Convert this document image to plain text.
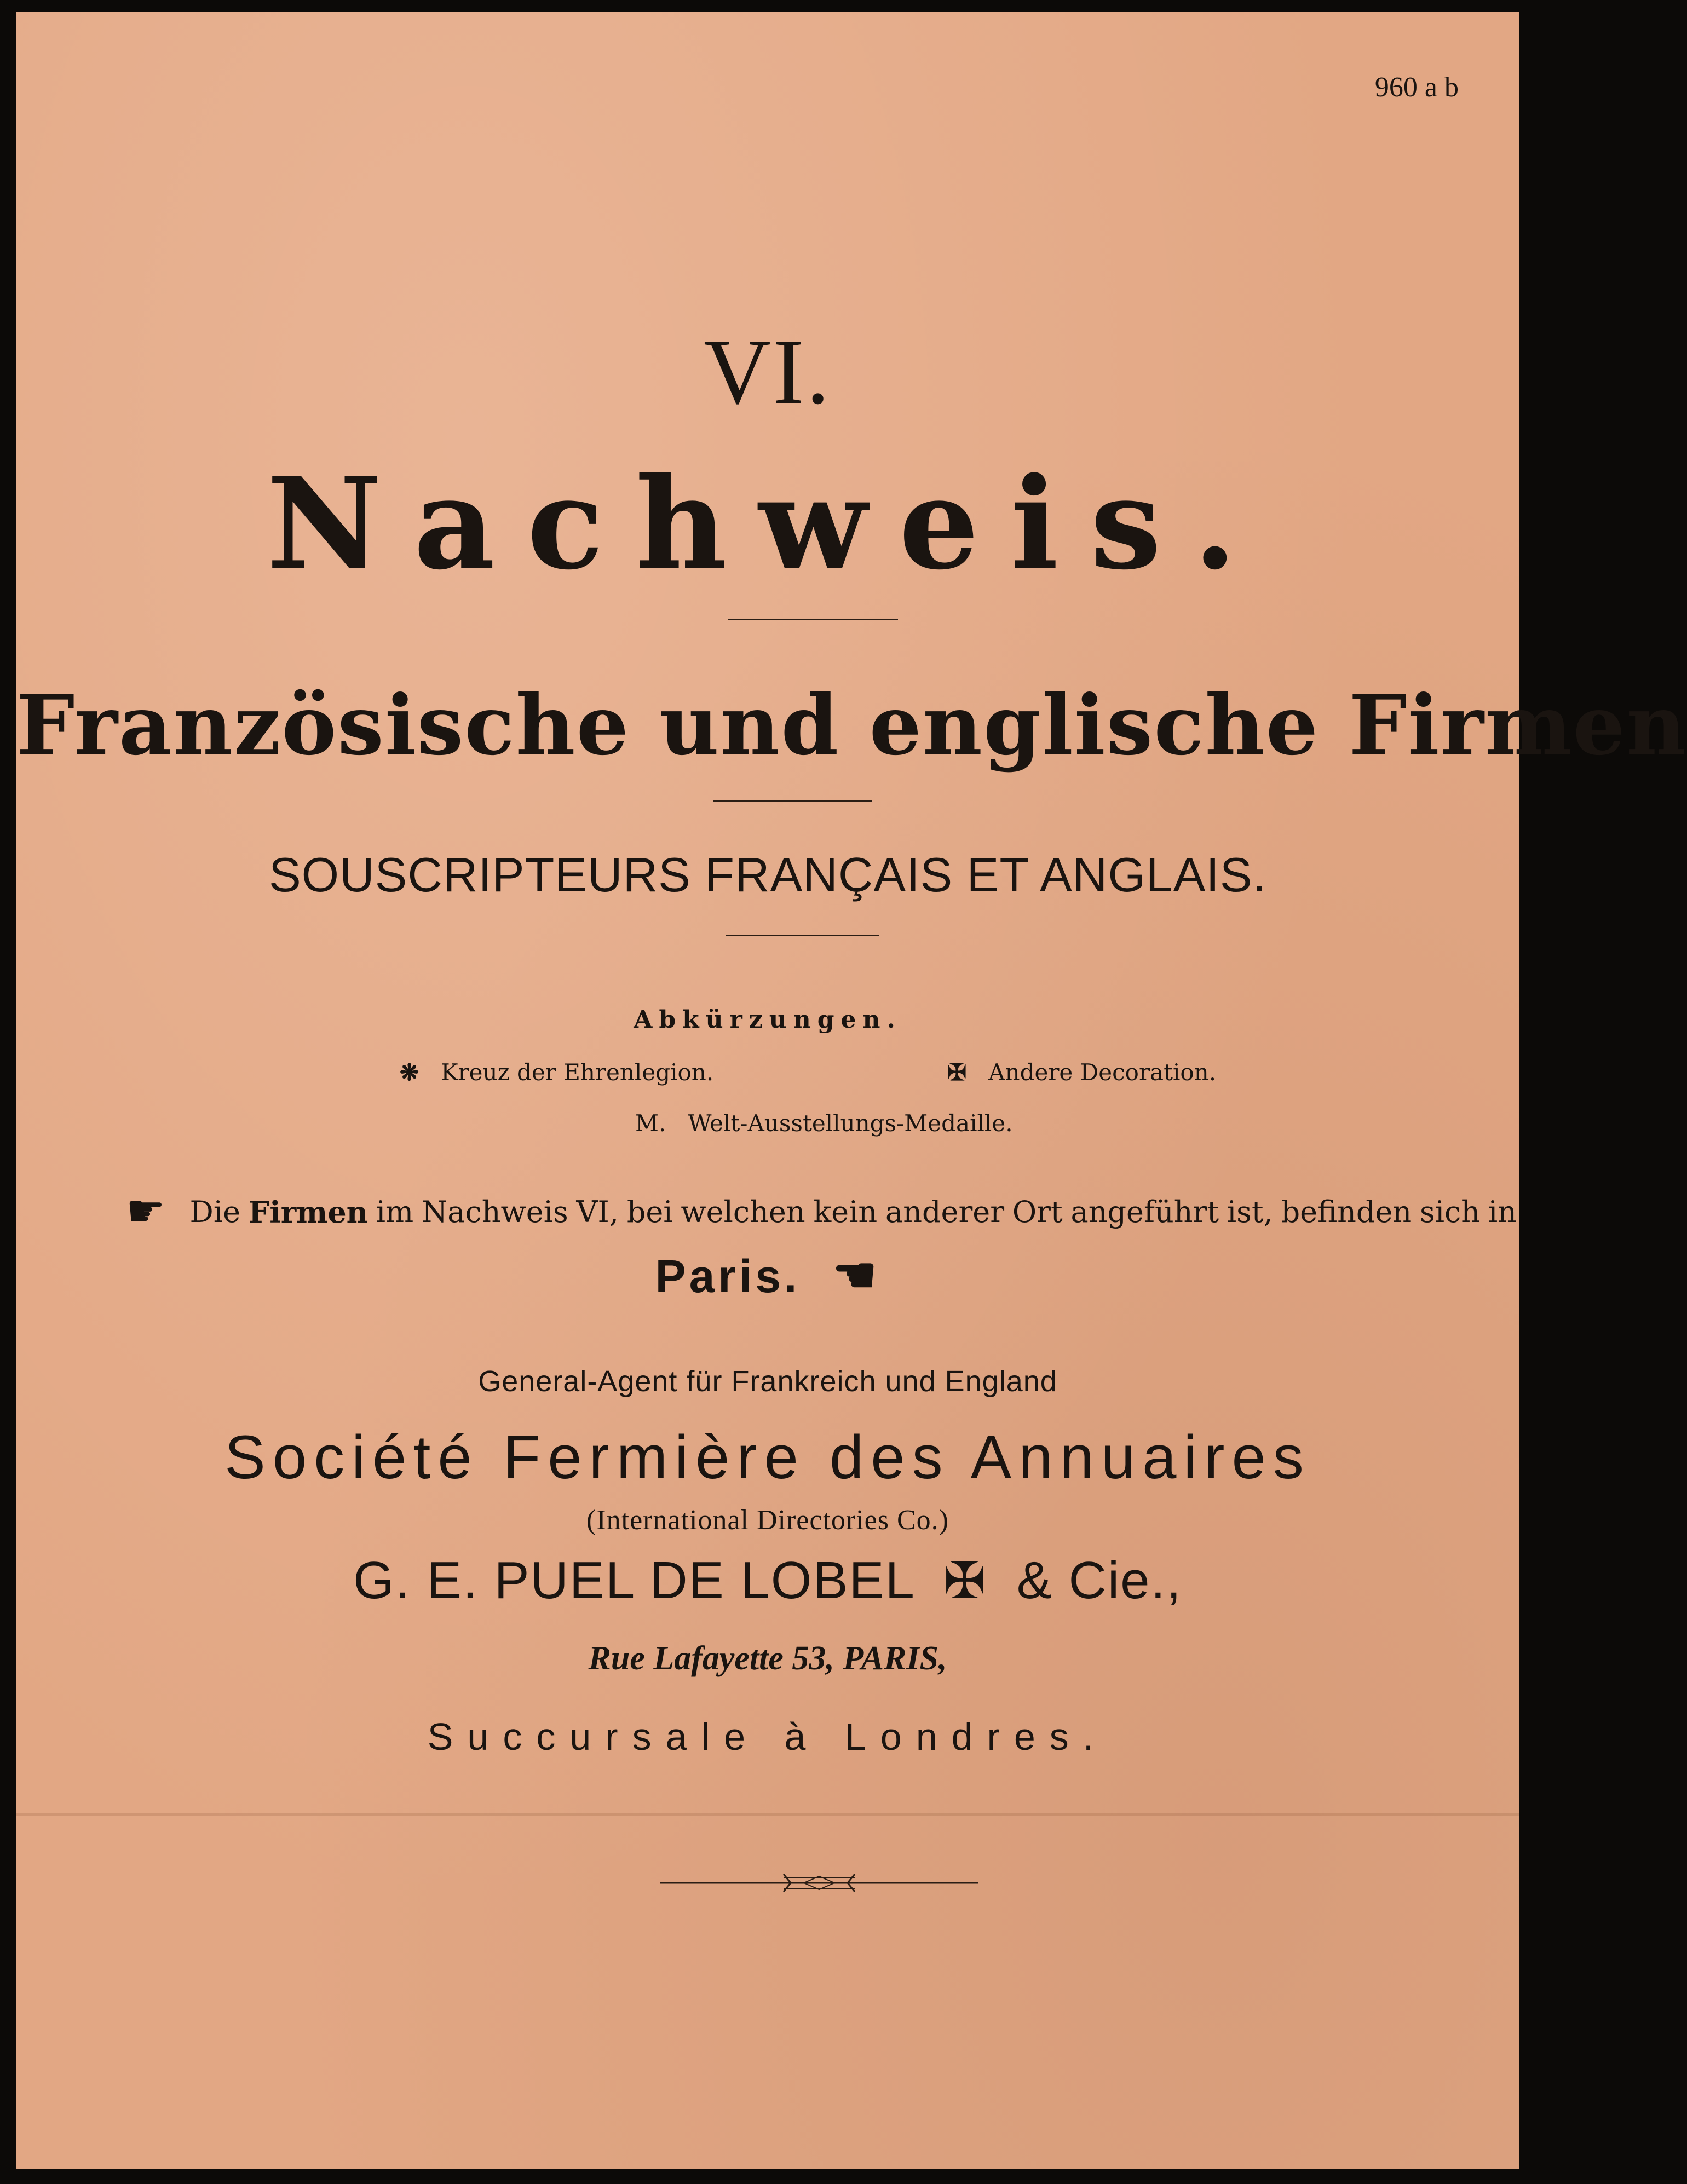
960 a b
VI.
Nachweis.
Französische und englische Firmen
SOUSCRIPTEURS FRANÇAIS ET ANGLAIS.
Abkürzungen.
❋ Kreuz der Ehrenlegion.	✠ Andere Decoration.
M. Welt-Ausstellungs-Medaille.
☛ Die Firmen im Nachweis VI, bei welchen kein anderer Ort angeführt ist, befinden sich in
Paris. ☚
General-Agent für Frankreich und England
Société Fermière des Annuaires
(International Directories Co.)
G. E. PUEL DE LOBEL ✠ & Cie.,
Rue Lafayette 53, PARIS,
Succursale à Londres.
